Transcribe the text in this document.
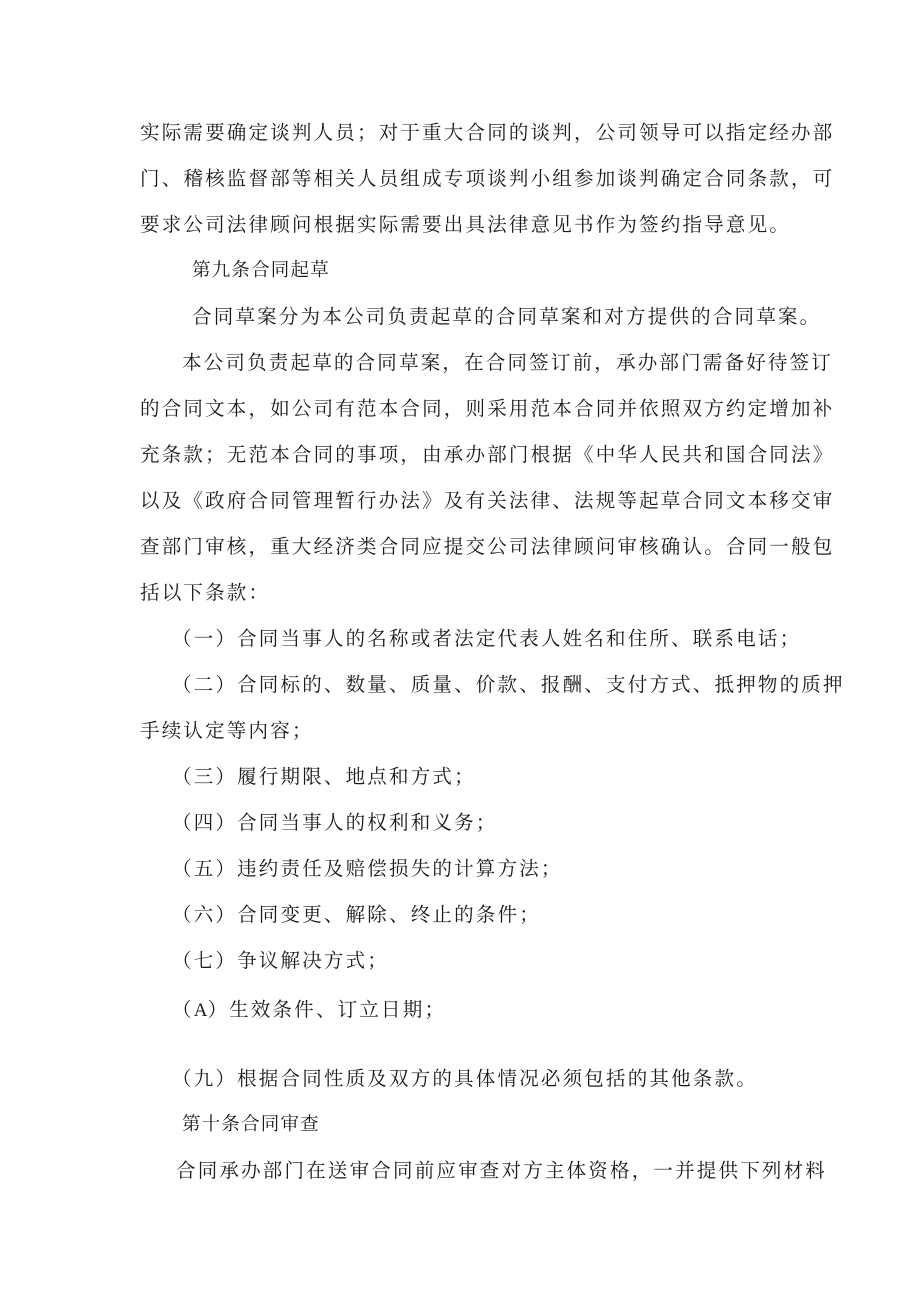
实际需要确定谈判人员；对于重大合同的谈判，公司领导可以指定经办部
门、稽核监督部等相关人员组成专项谈判小组参加谈判确定合同条款，可
要求公司法律顾问根据实际需要出具法律意见书作为签约指导意见。
第九条合同起草
合同草案分为本公司负责起草的合同草案和对方提供的合同草案。
本公司负责起草的合同草案，在合同签订前，承办部门需备好待签订
的合同文本，如公司有范本合同，则采用范本合同并依照双方约定增加补
充条款；无范本合同的事项，由承办部门根据《中华人民共和国合同法》
以及《政府合同管理暂行办法》及有关法律、法规等起草合同文本移交审
查部门审核，重大经济类合同应提交公司法律顾问审核确认。合同一般包
括以下条款：
（一）合同当事人的名称或者法定代表人姓名和住所、联系电话；
（二）合同标的、数量、质量、价款、报酬、支付方式、抵押物的质押
手续认定等内容；
（三）履行期限、地点和方式；
（四）合同当事人的权利和义务；
（五）违约责任及赔偿损失的计算方法；
（六）合同变更、解除、终止的条件；
（七）争议解决方式；
（A）生效条件、订立日期；
（九）根据合同性质及双方的具体情况必须包括的其他条款。
第十条合同审查
合同承办部门在送审合同前应审查对方主体资格，一并提供下列材料
